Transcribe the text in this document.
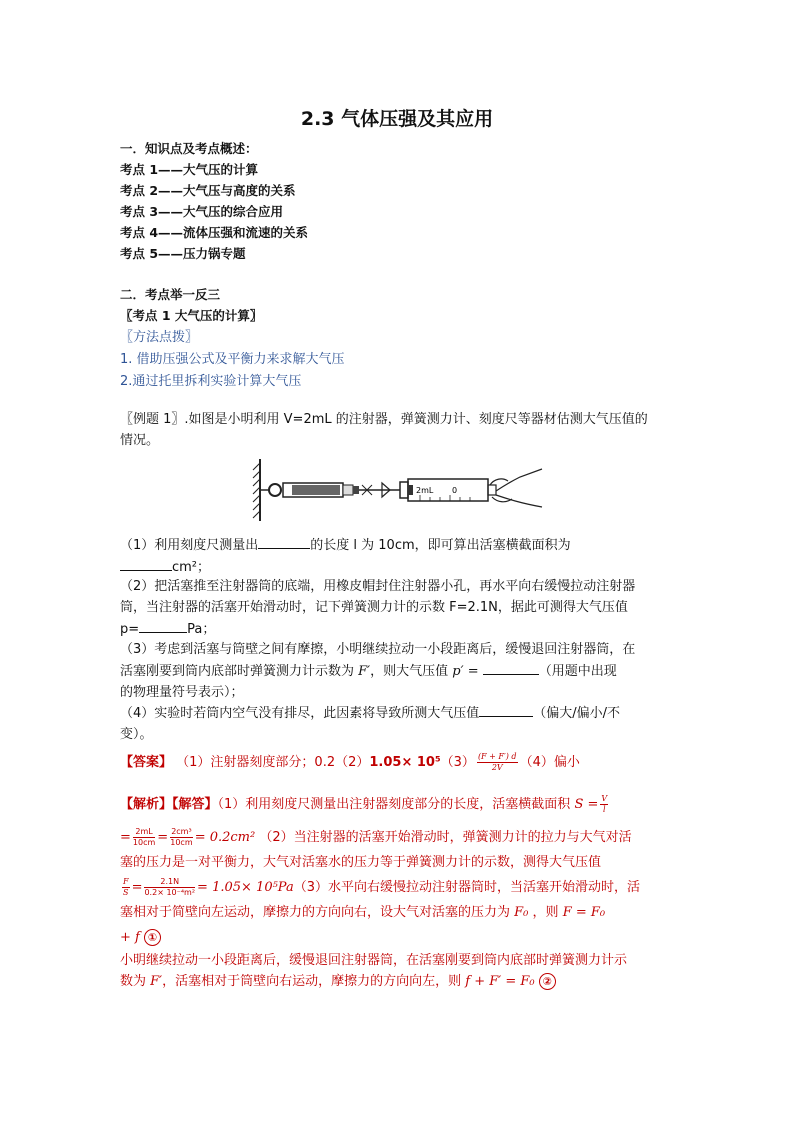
2.3 气体压强及其应用
一．知识点及考点概述：
考点 1——大气压的计算
考点 2——大气压与高度的关系
考点 3——大气压的综合应用
考点 4——流体压强和流速的关系
考点 5——压力锅专题
二．考点举一反三
〖考点 1 大气压的计算〗
〖方法点拨〗
1. 借助压强公式及平衡力来求解大气压
2.通过托里拆利实验计算大气压
〖例题 1〗.如图是小明利用 V=2mL 的注射器，弹簧测力计、刻度尺等器材估测大气压值的
情况。
2mL 0
（1）利用刻度尺测量出	的长度 l 为 10cm，即可算出活塞横截面积为
cm²；
（2）把活塞推至注射器筒的底端，用橡皮帽封住注射器小孔，再水平向右缓慢拉动注射器
筒，当注射器的活塞开始滑动时，记下弹簧测力计的示数 F=2.1N，据此可测得大气压值
p=	Pa；
（3）考虑到活塞与筒壁之间有摩擦，小明继续拉动一小段距离后，缓慢退回注射器筒，在
活塞刚要到筒内底部时弹簧测力计示数为 F′，则大气压值 p′ =	（用题中出现
的物理量符号表示）；
（4）实验时若筒内空气没有排尽，此因素将导致所测大气压值	（偏大/偏小/不
变）。
【答案】 （1）注射器刻度部分；$0.2(2)1.05\times 10^5(3) \frac{(F + F') d}{2V} (4)$偏小
【解析】【解答】（1）利用刻度尺测量出注射器刻度部分的长度，活塞横截面积 $S = \frac{V}{l}$
= $\frac{2mL}{10cm} = \frac{\text{2cm³}}{10cm} = 0.2cm^2$ （2）当注射器的活塞开始滑动时，弹簧测力计的拉力与大气对活
塞的压力是一对平衡力，大气对活塞水的压力等于弹簧测力计的示数，测得大气压值
$\frac{F}{S} = \frac{2.1N}{\text{0.2× 10⁻⁴m²}} = 1.05\times 10^5Pa(3)$水平向右缓慢拉动注射器筒时，当活塞开始滑动时，活
塞相对于简壁向左运动，摩擦力的方向向右，设大气对活塞的压力为 F₀ ，则 F = F₀
+ f ①
小明继续拉动一小段距离后，缓慢退回注射器筒，在活塞刚要到筒内底部时弹簧测力计示
数为 F′，活塞相对于筒壁向右运动，摩擦力的方向向左，则 f + F′ = F₀ ②
